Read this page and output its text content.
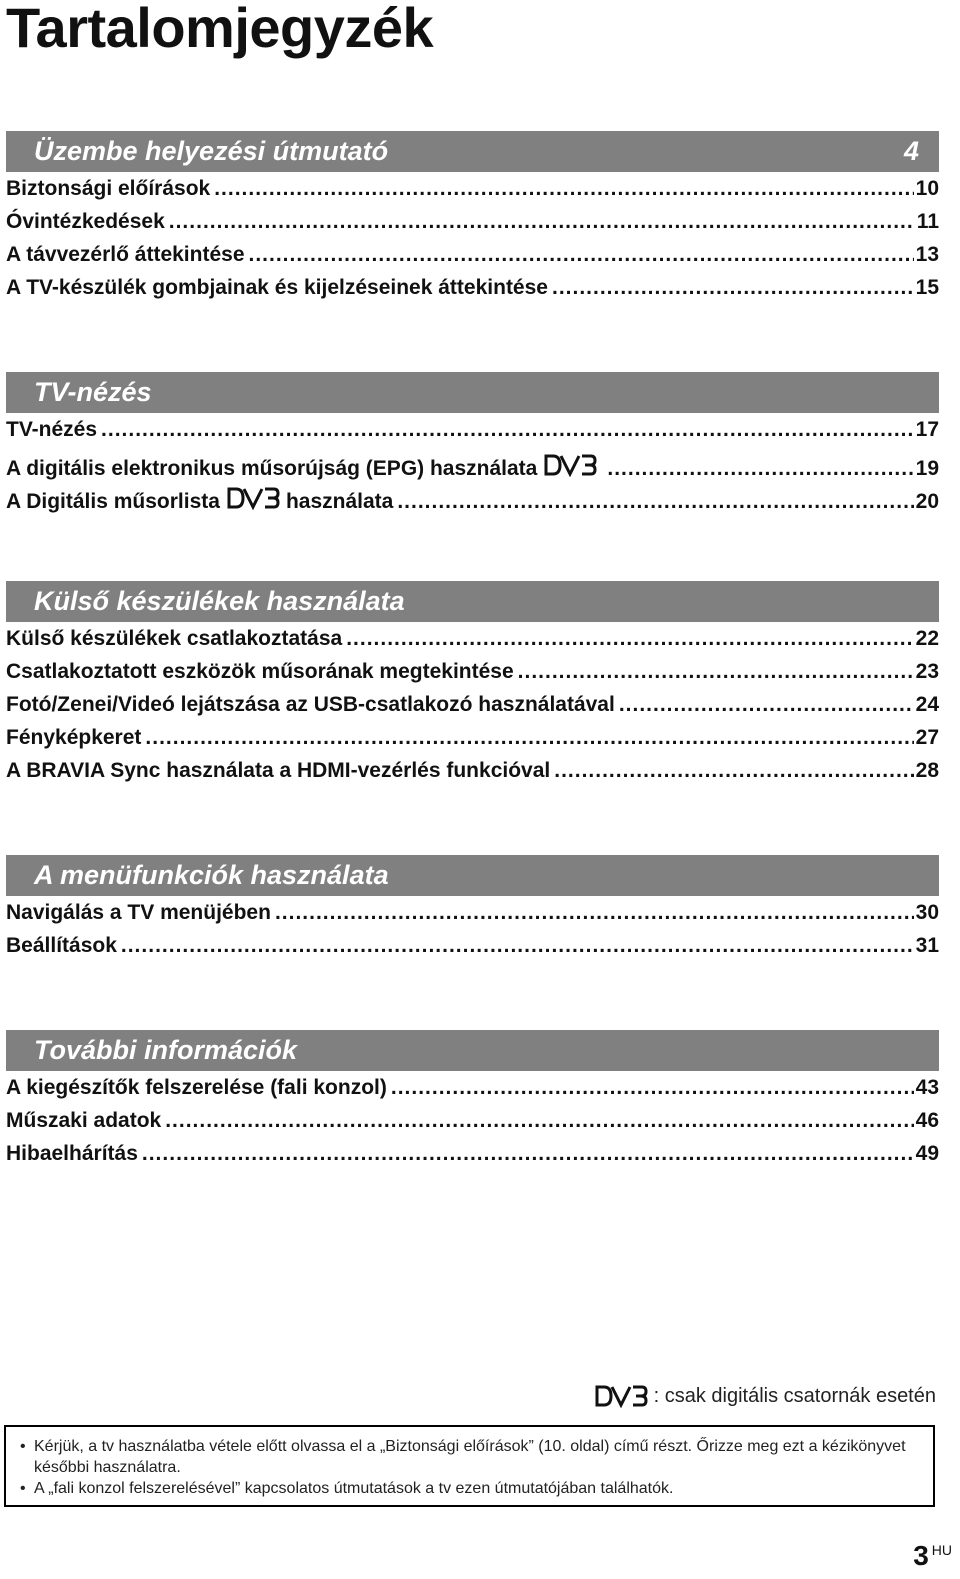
Tartalomjegyzék
Üzembe helyezési útmutató	4
Biztonsági előírások .....	10
Óvintézkedések .....	11
A távvezérlő áttekintése .....	13
A TV-készülék gombjainak és kijelzéseinek áttekintése .....	15
TV-nézés
TV-nézés .....	17
A digitális elektronikus műsorújság (EPG) használata .....	19
A Digitális műsorlista	használata .....	20
Külső készülékek használata
Külső készülékek csatlakoztatása .....	22
Csatlakoztatott eszközök műsorának megtekintése .....	23
Fotó/Zenei/Videó lejátszása az USB-csatlakozó használatával .....	24
Fényképkeret .....	27
A BRAVIA Sync használata a HDMI-vezérlés funkcióval .....	28
A menüfunkciók használata
Navigálás a TV menüjében .....	30
Beállítások .....	31
További információk
A kiegészítők felszerelése (fali konzol) .....	43
Műszaki adatok .....	46
Hibaelhárítás .....	49
: csak digitális csatornák esetén
• Kérjük, a tv használatba vétele előtt olvassa el a „Biztonsági előírások” (10. oldal) című részt. Őrizze meg ezt a kézikönyvet későbbi használatra.
• A „fali konzol felszerelésével” kapcsolatos útmutatások a tv ezen útmutatójában találhatók.
3 HU
